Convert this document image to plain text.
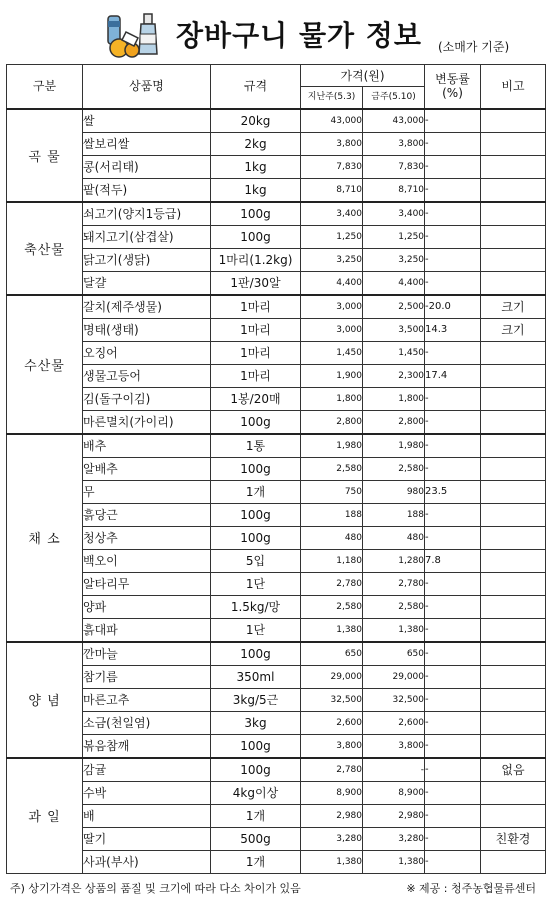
장바구니 물가 정보 (소매가 기준)
구분	상품명	규격	가격(원)		변동률 (%)	비고
			지난주(5.3)	금주(5.10)		
곡 물	쌀	20kg	43,000	43,000	-	
	쌀보리쌀	2kg	3,800	3,800	-	
	콩(서리태)	1kg	7,830	7,830	-	
	팥(적두)	1kg	8,710	8,710	-	
축산물	쇠고기(양지1등급)	100g	3,400	3,400	-	
	돼지고기(삼겹살)	100g	1,250	1,250	-	
	닭고기(생닭)	1마리(1.2kg)	3,250	3,250	-	
	달걀	1판/30알	4,400	4,400	-	
수산물	갈치(제주생물)	1마리	3,000	2,500	-20.0	크기
	명태(생태)	1마리	3,000	3,500	14.3	크기
	오징어	1마리	1,450	1,450	-	
	생물고등어	1마리	1,900	2,300	17.4	
	김(돌구이김)	1봉/20매	1,800	1,800	-	
	마른멸치(가이리)	100g	2,800	2,800	-	
채 소	배추	1통	1,980	1,980	-	
	알배추	100g	2,580	2,580	-	
	무	1개	750	980	23.5	
	흙당근	100g	188	188	-	
	청상추	100g	480	480	-	
	백오이	5입	1,180	1,280	7.8	
	알타리무	1단	2,780	2,780	-	
	양파	1.5kg/망	2,580	2,580	-	
	흙대파	1단	1,380	1,380	-	
양 념	깐마늘	100g	650	650	-	
	참기름	350ml	29,000	29,000	-	
	마른고추	3kg/5근	32,500	32,500	-	
	소금(천일염)	3kg	2,600	2,600	-	
	볶음참깨	100g	3,800	3,800	-	
과 일	감귤	100g	2,780	-	-	없음
	수박	4kg이상	8,900	8,900	-	
	배	1개	2,980	2,980	-	
	딸기	500g	3,280	3,280	-	친환경
	사과(부사)	1개	1,380	1,380	-	
주) 상기가격은 상품의 품질 및 크기에 따라 다소 차이가 있음	※ 제공 : 청주농협물류센터
